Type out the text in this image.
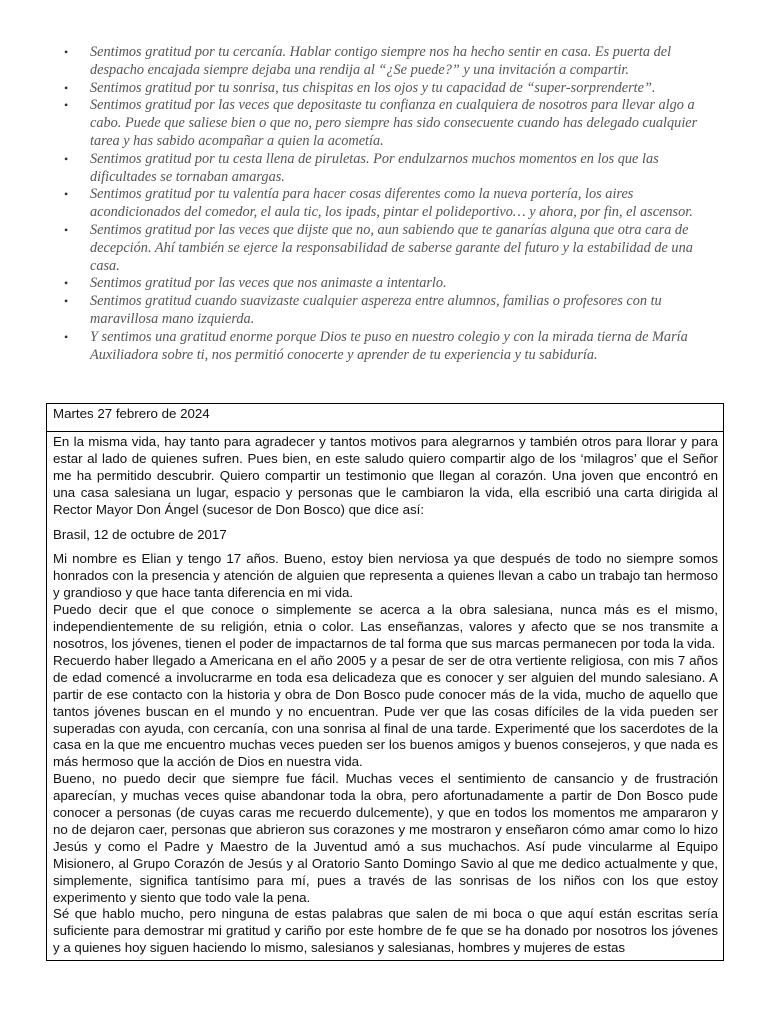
• Sentimos gratitud por tu cercanía. Hablar contigo siempre nos ha hecho sentir en casa. Es puerta del despacho encajada siempre dejaba una rendija al “¿Se puede?” y una invitación a compartir.
• Sentimos gratitud por tu sonrisa, tus chispitas en los ojos y tu capacidad de “super-sorprenderte”.
• Sentimos gratitud por las veces que depositaste tu confianza en cualquiera de nosotros para llevar algo a cabo. Puede que saliese bien o que no, pero siempre has sido consecuente cuando has delegado cualquier tarea y has sabido acompañar a quien la acometía.
• Sentimos gratitud por tu cesta llena de piruletas. Por endulzarnos muchos momentos en los que las dificultades se tornaban amargas.
• Sentimos gratitud por tu valentía para hacer cosas diferentes como la nueva portería, los aires acondicionados del comedor, el aula tic, los ipads, pintar el polideportivo… y ahora, por fin, el ascensor.
• Sentimos gratitud por las veces que dijste que no, aun sabiendo que te ganarías alguna que otra cara de decepción. Ahí también se ejerce la responsabilidad de saberse garante del futuro y la estabilidad de una casa.
• Sentimos gratitud por las veces que nos animaste a intentarlo.
• Sentimos gratitud cuando suavizaste cualquier aspereza entre alumnos, familias o profesores con tu maravillosa mano izquierda.
• Y sentimos una gratitud enorme porque Dios te puso en nuestro colegio y con la mirada tierna de María Auxiliadora sobre ti, nos permitió conocerte y aprender de tu experiencia y tu sabiduría.
Martes 27 febrero de 2024

En la misma vida, hay tanto para agradecer y tantos motivos para alegrarnos y también otros para llorar y para estar al lado de quienes sufren. Pues bien, en este saludo quiero compartir algo de los ‘milagros’ que el Señor me ha permitido descubrir. Quiero compartir un testimonio que llegan al corazón. Una joven que encontró en una casa salesiana un lugar, espacio y personas que le cambiaron la vida, ella escribió una carta dirigida al Rector Mayor Don Ángel (sucesor de Don Bosco) que dice así:

Brasil, 12 de octubre de 2017

Mi nombre es Elian y tengo 17 años. Bueno, estoy bien nerviosa ya que después de todo no siempre somos honrados con la presencia y atención de alguien que representa a quienes llevan a cabo un trabajo tan hermoso y grandioso y que hace tanta diferencia en mi vida.

Puedo decir que el que conoce o simplemente se acerca a la obra salesiana, nunca más es el mismo, independientemente de su religión, etnia o color. Las enseñanzas, valores y afecto que se nos transmite a nosotros, los jóvenes, tienen el poder de impactarnos de tal forma que sus marcas permanecen por toda la vida.

Recuerdo haber llegado a Americana en el año 2005 y a pesar de ser de otra vertiente religiosa, con mis 7 años de edad comencé a involucrarme en toda esa delicadeza que es conocer y ser alguien del mundo salesiano. A partir de ese contacto con la historia y obra de Don Bosco pude conocer más de la vida, mucho de aquello que tantos jóvenes buscan en el mundo y no encuentran. Pude ver que las cosas difíciles de la vida pueden ser superadas con ayuda, con cercanía, con una sonrisa al final de una tarde. Experimenté que los sacerdotes de la casa en la que me encuentro muchas veces pueden ser los buenos amigos y buenos consejeros, y que nada es más hermoso que la acción de Dios en nuestra vida.

Bueno, no puedo decir que siempre fue fácil. Muchas veces el sentimiento de cansancio y de frustración aparecían, y muchas veces quise abandonar toda la obra, pero afortunadamente a partir de Don Bosco pude conocer a personas (de cuyas caras me recuerdo dulcemente), y que en todos los momentos me ampararon y no de dejaron caer, personas que abrieron sus corazones y me mostraron y enseñaron cómo amar como lo hizo Jesús y como el Padre y Maestro de la Juventud amó a sus muchachos. Así pude vincularme al Equipo Misionero, al Grupo Corazón de Jesús y al Oratorio Santo Domingo Savio al que me dedico actualmente y que, simplemente, significa tantísimo para mí, pues a través de las sonrisas de los niños con los que estoy experimento y siento que todo vale la pena.

Sé que hablo mucho, pero ninguna de estas palabras que salen de mi boca o que aquí están escritas sería suficiente para demostrar mi gratitud y cariño por este hombre de fe que se ha donado por nosotros los jóvenes y a quienes hoy siguen haciendo lo mismo, salesianos y salesianas, hombres y mujeres de estas
